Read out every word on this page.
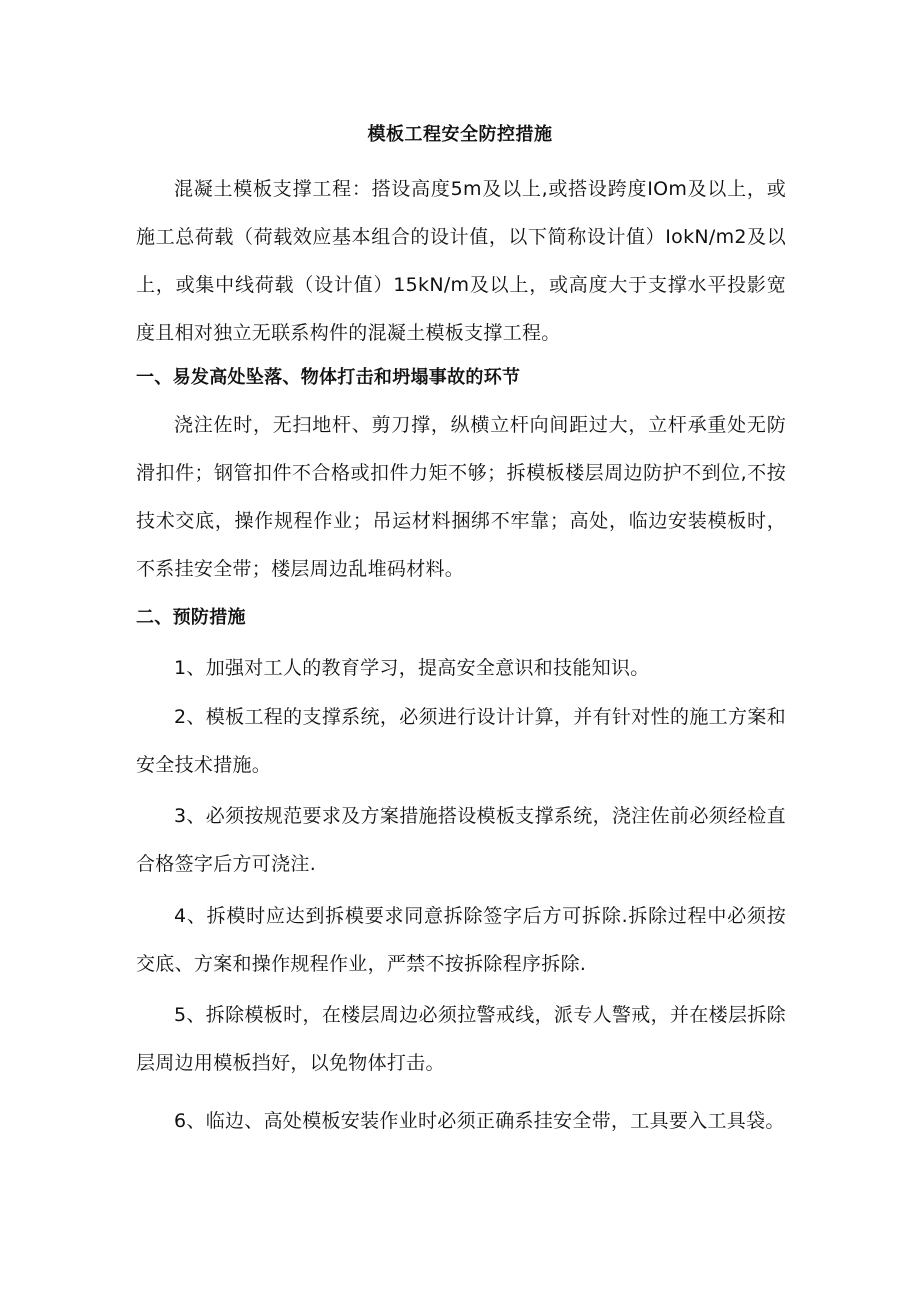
模板工程安全防控措施

混凝土模板支撑工程：搭设高度5m及以上,或搭设跨度IOm及以上，或施工总荷载（荷载效应基本组合的设计值，以下简称设计值）IokN/m2及以上，或集中线荷载（设计值）15kN∕m及以上，或高度大于支撑水平投影宽度且相对独立无联系构件的混凝土模板支撑工程。

一、易发高处坠落、物体打击和坍塌事故的环节

浇注佐时，无扫地杆、剪刀撑，纵横立杆向间距过大，立杆承重处无防滑扣件；钢管扣件不合格或扣件力矩不够；拆模板楼层周边防护不到位,不按技术交底，操作规程作业；吊运材料捆绑不牢靠；高处，临边安装模板时，不系挂安全带；楼层周边乱堆码材料。

二、预防措施

1、加强对工人的教育学习，提高安全意识和技能知识。

2、模板工程的支撑系统，必须进行设计计算，并有针对性的施工方案和安全技术措施。

3、必须按规范要求及方案措施搭设模板支撑系统，浇注佐前必须经检直合格签字后方可浇注.

4、拆模时应达到拆模要求同意拆除签字后方可拆除.拆除过程中必须按交底、方案和操作规程作业，严禁不按拆除程序拆除.

5、拆除模板时，在楼层周边必须拉警戒线，派专人警戒，并在楼层拆除层周边用模板挡好，以免物体打击。

6、临边、高处模板安装作业时必须正确系挂安全带，工具要入工具袋。
